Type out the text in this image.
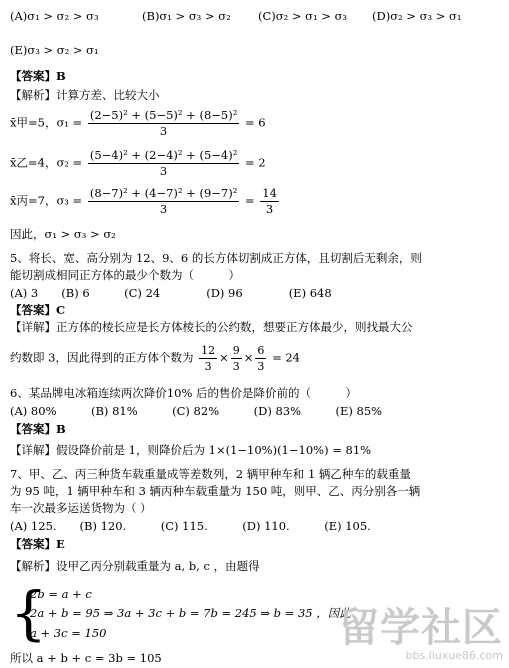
(A)σ₁ > σ₂ > σ₃	(B)σ₁ > σ₃ > σ₂ (C)σ₂ > σ₁ > σ₃ (D)σ₂ > σ₃ > σ₁
(E)σ₃ > σ₂ > σ₁
【答案】B
【解析】计算方差、比较大小
x̄甲=5，$\sigma_1 = \frac{\text{(2−5)² + (5−5)² + (8−5)²}}{3} = 6$
x̄乙=4，$\sigma_2 = \frac{\text{(5−4)² + (2−4)² + (5−4)²}}{3} = 2$
x̄丙=7，$\sigma_3 = \frac{\text{(8−7)² + (4−7)² + (9−7)²}}{3} = \frac{14}{3}$
因此，σ₁ > σ₃ > σ₂
5、将长、宽、高分别为 12、9、6 的长方体切割成正方体，且切割后无剩余，则
能切割成相同正方体的最少个数为（　　　）
(A) 3　　(B) 6　　　(C) 24　　　　(D) 96　　　　(E) 648
【答案】C
【详解】正方体的棱长应是长方体棱长的公约数，想要正方体最少，则找最大公
约数即 3，因此得到的正方体个数为 $\frac{12}{3} \times \frac{9}{3} \times \frac{6}{3} = 24$
6、某品牌电冰箱连续两次降价10% 后的售价是降价前的（　　　）
(A) 80%　　　(B) 81%　　　(C) 82%　　　(D) 83%　　　(E) 85%
【答案】B
【详解】假设降价前是 1，则降价后为 1×(1−10%)(1−10%) = 81%
7、甲、乙、丙三种货车载重量成等差数列，2 辆甲种车和 1 辆乙种车的载重量
为 95 吨，1 辆甲种车和 3 辆丙种车载重量为 150 吨，则甲、乙、丙分别各一辆
车一次最多运送货物为（ ）
(A) 125.　　(B) 120.　　　(C) 115.　　　(D) 110.　　　(E) 105.
【答案】E
【解析】设甲乙丙分别载重量为 a, b, c ，由题得
{
2b = a + c
2a + b = 95 ⇒ 3a + 3c + b = 7b = 245 ⇒ b = 35 ，因此
a + 3c = 150
所以 a + b + c = 3b = 105
留学社区
bbs.liuxue86.com
